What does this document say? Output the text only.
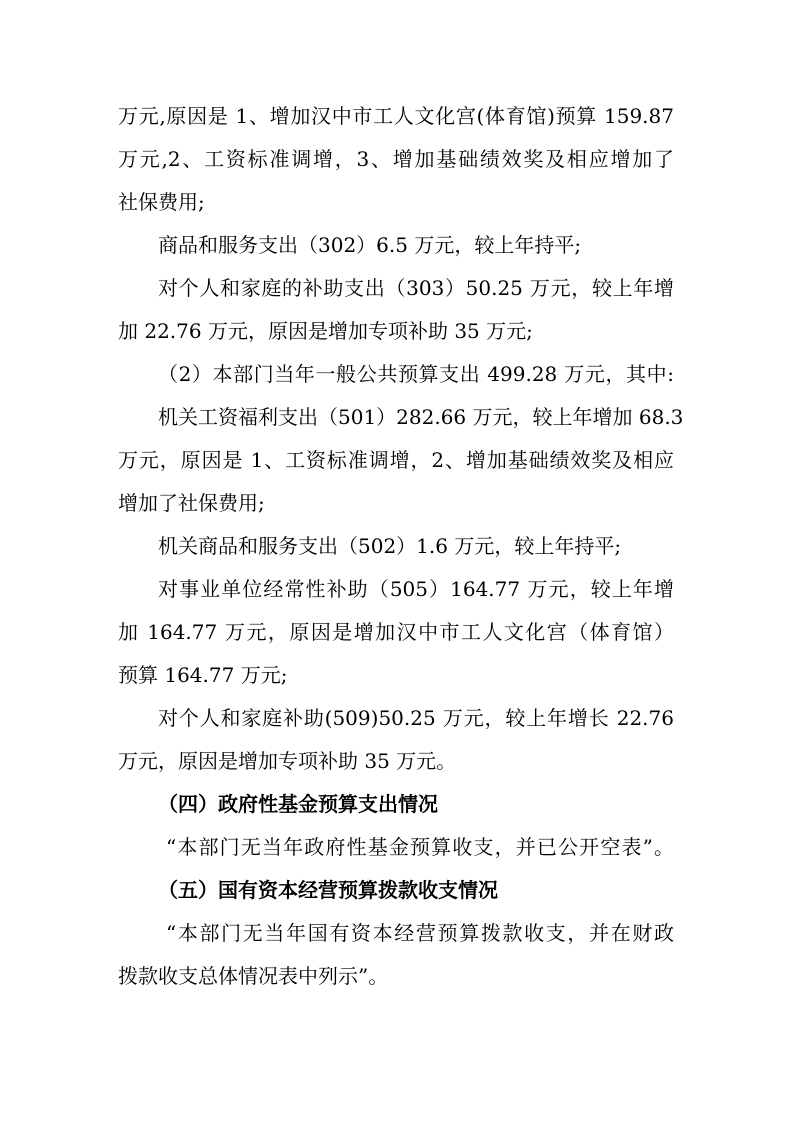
万元,原因是 1、增加汉中市工人文化宫(体育馆)预算 159.87
万元,2、工资标准调增，3、增加基础绩效奖及相应增加了
社保费用;
商品和服务支出（302）6.5 万元，较上年持平;
对个人和家庭的补助支出（303）50.25 万元，较上年增
加 22.76 万元，原因是增加专项补助 35 万元;
（2）本部门当年一般公共预算支出 499.28 万元，其中:
机关工资福利支出（501）282.66 万元，较上年增加 68.3
万元，原因是 1、工资标准调增，2、增加基础绩效奖及相应
增加了社保费用;
机关商品和服务支出（502）1.6 万元，较上年持平;
对事业单位经常性补助（505）164.77 万元，较上年增
加 164.77 万元，原因是增加汉中市工人文化宫（体育馆）
预算 164.77 万元;
对个人和家庭补助(509)50.25 万元，较上年增长 22.76
万元，原因是增加专项补助 35 万元。
（四）政府性基金预算支出情况
“本部门无当年政府性基金预算收支，并已公开空表”。
（五）国有资本经营预算拨款收支情况
“本部门无当年国有资本经营预算拨款收支，并在财政
拨款收支总体情况表中列示”。
